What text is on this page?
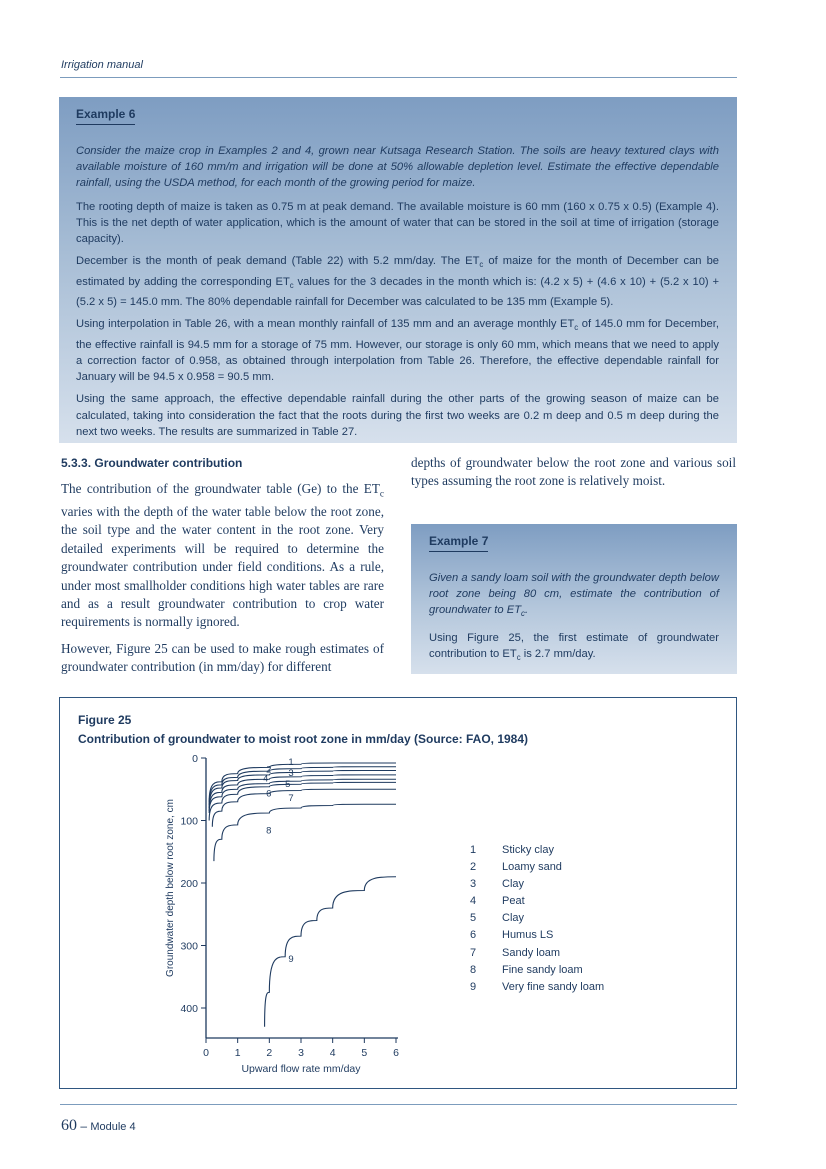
Irrigation manual
Example 6

Consider the maize crop in Examples 2 and 4, grown near Kutsaga Research Station. The soils are heavy textured clays with available moisture of 160 mm/m and irrigation will be done at 50% allowable depletion level. Estimate the effective dependable rainfall, using the USDA method, for each month of the growing period for maize.

The rooting depth of maize is taken as 0.75 m at peak demand. The available moisture is 60 mm (160 x 0.75 x 0.5) (Example 4). This is the net depth of water application, which is the amount of water that can be stored in the soil at time of irrigation (storage capacity).

December is the month of peak demand (Table 22) with 5.2 mm/day. The $ET_c$ of maize for the month of December can be estimated by adding the corresponding $ET_c$ values for the 3 decades in the month which is: (4.2 x 5) + (4.6 x 10) + (5.2 x 10) + (5.2 x 5) = 145.0 mm. The 80% dependable rainfall for December was calculated to be 135 mm (Example 5).

Using interpolation in Table 26, with a mean monthly rainfall of 135 mm and an average monthly $ET_c$ of 145.0 mm for December, the effective rainfall is 94.5 mm for a storage of 75 mm. However, our storage is only 60 mm, which means that we need to apply a correction factor of 0.958, as obtained through interpolation from Table 26. Therefore, the effective dependable rainfall for January will be 94.5 x 0.958 = 90.5 mm.

Using the same approach, the effective dependable rainfall during the other parts of the growing season of maize can be calculated, taking into consideration the fact that the roots during the first two weeks are 0.2 m deep and 0.5 m deep during the next two weeks. The results are summarized in Table 27.

5.3.3. Groundwater contribution

The contribution of the groundwater table (Ge) to the $ET_c$ varies with the depth of the water table below the root zone, the soil type and the water content in the root zone. Very detailed experiments will be required to determine the groundwater contribution under field conditions. As a rule, under most smallholder conditions high water tables are rare and as a result groundwater contribution to crop water requirements is normally ignored.

However, Figure 25 can be used to make rough estimates of groundwater contribution (in mm/day) for different

Example 7

Given a sandy loam soil with the groundwater depth below root zone being 80 cm, estimate the contribution of groundwater to $ET_c$.

Using Figure 25, the first estimate of groundwater contribution to $ET_c$ is 2.7 mm/day.

Figure 25
Contribution of groundwater to moist root zone in mm/day (Source: FAO, 1984)
0
100
200
300
400
0 1 2 3 4 5 6
Upward flow rate mm/day
Groundwater depth below root zone, cm
1
2 3
4
5
6 7
8
9
1 Sticky clay
2 Loamy sand
3 Clay
4 Peat
5 Clay
6 Humus LS
7 Sandy loam
8 Fine sandy loam
9 Very fine sandy loam
60 – Module 4

depths of groundwater below the root zone and various soil types assuming the root zone is relatively moist.
